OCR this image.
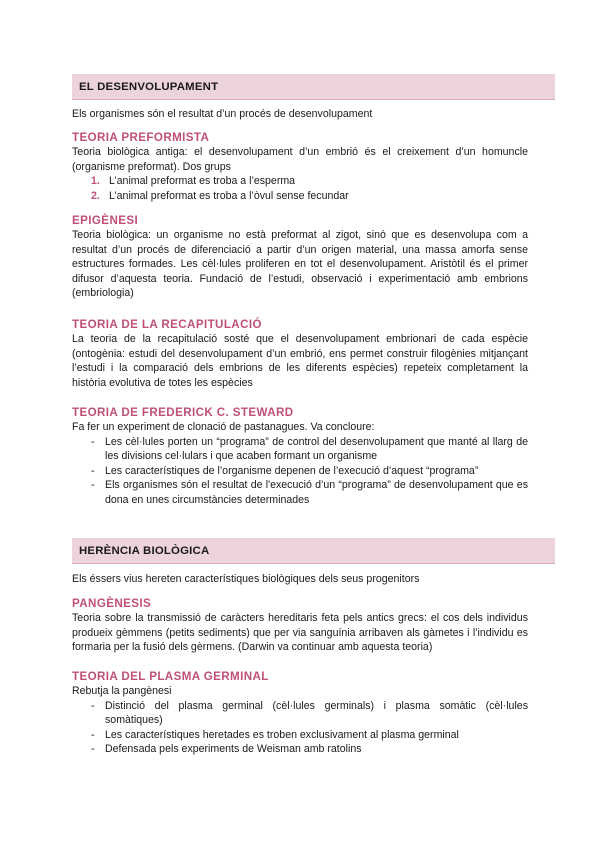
EL DESENVOLUPAMENT
Els organismes són el resultat d’un procés de desenvolupament

TEORIA PREFORMISTA

Teoria biològica antiga: el desenvolupament d’un embrió és el creixement d’un homuncle (organisme preformat). Dos grups

1. L’animal preformat es troba a l’esperma
2. L’animal preformat es troba a l’òvul sense fecundar

EPIGÈNESI

Teoria biològica: un organisme no està preformat al zigot, sinó que es desenvolupa com a resultat d’un procés de diferenciació a partir d’un origen material, una massa amorfa sense estructures formades. Les cèl·lules proliferen en tot el desenvolupament. Aristòtil és el primer difusor d’aquesta teoria. Fundació de l’estudi, observació i experimentació amb embrions (embriologia)

TEORIA DE LA RECAPITULACIÓ

La teoria de la recapitulació sosté que el desenvolupament embrionari de cada espècie (ontogènia: estudi del desenvolupament d’un embrió, ens permet construir filogènies mitjançant l’estudi i la comparació dels embrions de les diferents espècies) repeteix completament la història evolutiva de totes les espècies

TEORIA DE FREDERICK C. STEWARD

Fa fer un experiment de clonació de pastanagues. Va concloure:

- Les cèl·lules porten un “programa” de control del desenvolupament que manté al llarg de les divisions cel·lulars i que acaben formant un organisme
- Les característiques de l’organisme depenen de l’execució d’aquest “programa”
- Els organismes són el resultat de l'execució d’un “programa” de desenvolupament que es dona en unes circumstàncies determinades
HERÈNCIA BIOLÒGICA
Els éssers vius hereten característiques biològiques dels seus progenitors

PANGÈNESIS

Teoria sobre la transmissió de caràcters hereditaris feta pels antics grecs: el cos dels individus produeix gèmmens (petits sediments) que per via sanguínia arribaven als gàmetes i l’individu es formaria per la fusió dels gèrmens. (Darwin va continuar amb aquesta teoria)

TEORIA DEL PLASMA GERMINAL

Rebutja la pangènesi

- Distinció del plasma germinal (cèl·lules germinals) i plasma somàtic (cèl·lules somàtiques)
- Les característiques heretades es troben exclusivament al plasma germinal
- Defensada pels experiments de Weisman amb ratolins
